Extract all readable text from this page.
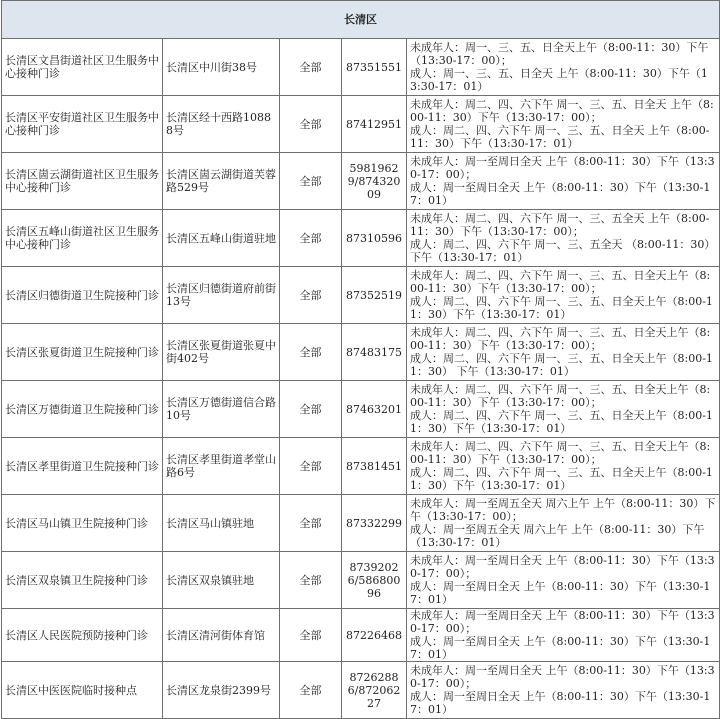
长清区				
长清区文昌街道社区卫生服务中心接种门诊	长清区中川街38号	全部	87351551	未成年人：周一、三、五、日全天上午（8:00-11：30）下午（13:30-17：00）；
成人：周一、三、五、日全天 上午（8:00-11：30）下午（13:30-17：01）

长清区平安街道社区卫生服务中心接种门诊	长清区经十西路10888号	全部	87412951	未成年人：周二、四、六下午 周一、三、五、日全天 上午（8:00-11：30）下午（13:30-17：00）；
成人：周二、四、六下午 周一、三、五、日全天 上午（8:00-11：30）下午（13:30-17：01）

长清区崮云湖街道社区卫生服务中心接种门诊	长清区崮云湖街道芙蓉路529号	全部	59819629/87432009	未成年人：周一至周日全天 上午（8:00-11：30）下午（13:30-17：00）；
成人：周一至周日全天 上午（8:00-11：30）下午（13:30-17：01）

长清区五峰山街道社区卫生服务中心接种门诊	长清区五峰山街道驻地	全部	87310596	未成年人：周二、四、六下午 周一、三、五全天 上午（8:00-11：30）下午（13:30-17：00）；
成人：周二、四、六下午 周一、三、五全天 （8:00-11：30）下午（13:30-17：01）

长清区归德街道卫生院接种门诊	长清区归德街道府前街13号	全部	87352519	未成年人：周二、四、六下午 周一、三、五、日全天上午（8:00-11：30）下午（13:30-17：00）；
成人：周二、四、六下午 周一、三、五、日全天上午（8:00-11：30）下午（13:30-17：01）

长清区张夏街道卫生院接种门诊	长清区张夏街道张夏中街402号	全部	87483175	未成年人：周二、四、六下午 周一、三、五、日全天上午（8:00-11：30）下午（13:30-17：00）；
成人：周二、四、六下午 周一、三、五、日全天上午（8:00-11：30） 下午（13:30-17：01）

长清区万德街道卫生院接种门诊	长清区万德街道信合路10号	全部	87463201	未成年人：周二、四、六下午 周一、三、五、日全天上午（8:00-11：30）下午（13:30-17：00）；
成人：周二、四、六下午 周一、三、五、日全天上午（8:00-11：30）下午（13:30-17：01）

长清区孝里街道卫生院接种门诊	长清区孝里街道孝堂山路6号	全部	87381451	未成年人：周二、四、六下午 周一、三、五、日全天上午（8:00-11：30）下午（13:30-17：00）；
成人：周二、四、六下午 周一、三、五、日全天上午（8:00-11：30）下午（13:30-17：01）

长清区马山镇卫生院接种门诊	长清区马山镇驻地	全部	87332299	未成年人：周一至周五全天 周六上午 上午（8:00-11：30）下午（13:30-17：00）；
成人：周一至周五全天 周六上午 上午（8:00-11：30）下午（13:30-17：01）

长清区双泉镇卫生院接种门诊	长清区双泉镇驻地	全部	87392026/58680096	未成年人：周一至周日全天 上午（8:00-11：30）下午（13:30-17：00）；
成人：周一至周日全天 上午（8:00-11：30）下午（13:30-17：01）

长清区人民医院预防接种门诊	长清区清河街体育馆	全部	87226468	未成年人：周一至周日全天 上午（8:00-11：30）下午（13:30-17：00）；
成人：周一至周日全天 上午（8:00-11：30）下午（13:30-17：01）

长清区中医医院临时接种点	长清区龙泉街2399号	全部	87262886/87206227	未成年人：周一至周日全天 上午（8:00-11：30）下午（13:30-17：00）；
成人：周一至周日全天 上午（8:00-11：30）下午（13:30-17：01）
